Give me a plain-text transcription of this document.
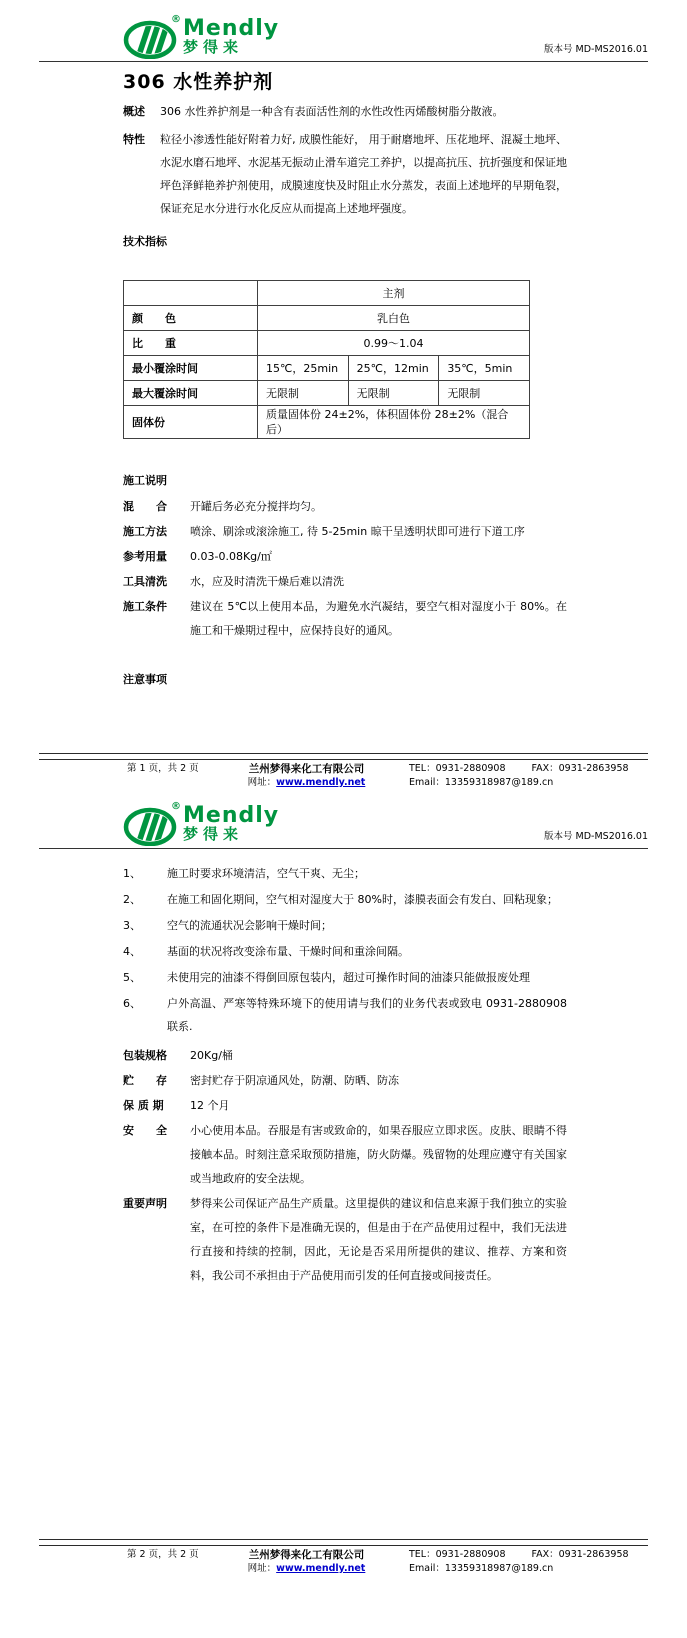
® Mendly
梦得来	版本号 MD-MS2016.01
306 水性养护剂
概述	306 水性养护剂是一种含有表面活性剂的水性改性丙烯酸树脂分散液。
特性	粒径小渗透性能好附着力好, 成膜性能好， 用于耐磨地坪、压花地坪、混凝土地坪、水泥水磨石地坪、水泥基无振动止滑车道完工养护，以提高抗压、抗折强度和保证地坪色泽鲜艳养护剂使用，成膜速度快及时阻止水分蒸发，表面上述地坪的早期龟裂，保证充足水分进行水化反应从而提高上述地坪强度。
技术指标
	主剂		
颜　　色	乳白色		
比　　重	0.99～1.04		
最小覆涂时间	15℃，25min	25℃，12min	35℃，5min
最大覆涂时间	无限制	无限制	无限制
固体份	质量固体份 24±2%，体积固体份 28±2%（混合后）		
施工说明
混　　合	开罐后务必充分搅拌均匀。
施工方法	喷涂、刷涂或滚涂施工, 待 5-25min 晾干呈透明状即可进行下道工序
参考用量	0.03-0.08Kg/㎡
工具清洗	水，应及时清洗干燥后难以清洗
施工条件	建议在 5℃以上使用本品，为避免水汽凝结，要空气相对湿度小于 80%。在施工和干燥期过程中，应保持良好的通风。
注意事项
第 1 页，共 2 页	兰州梦得来化工有限公司
网址：www.mendly.net
TEL：0931-2880908	FAX：0931-2863958
Email：13359318987@189.cn
® Mendly
梦得来	版本号 MD-MS2016.01
1、	施工时要求环境清洁，空气干爽、无尘；
2、	在施工和固化期间，空气相对湿度大于 80%时，漆膜表面会有发白、回粘现象；
3、	空气的流通状况会影响干燥时间；
4、	基面的状况将改变涂布量、干燥时间和重涂间隔。
5、	未使用完的油漆不得倒回原包装内，超过可操作时间的油漆只能做报废处理
6、	户外高温、严寒等特殊环境下的使用请与我们的业务代表或致电 0931-2880908 联系.
包装规格	20Kg/桶
贮　　存	密封贮存于阴凉通风处，防潮、防晒、防冻
保 质 期	12 个月
安　　全	小心使用本品。吞服是有害或致命的，如果吞服应立即求医。皮肤、眼睛不得接触本品。时刻注意采取预防措施，防火防爆。残留物的处理应遵守有关国家或当地政府的安全法规。
重要声明	梦得来公司保证产品生产质量。这里提供的建议和信息来源于我们独立的实验室，在可控的条件下是准确无误的，但是由于在产品使用过程中，我们无法进行直接和持续的控制，因此，无论是否采用所提供的建议、推荐、方案和资料，我公司不承担由于产品使用而引发的任何直接或间接责任。
第 2 页，共 2 页	兰州梦得来化工有限公司
网址：www.mendly.net
TEL：0931-2880908	FAX：0931-2863958
Email：13359318987@189.cn
